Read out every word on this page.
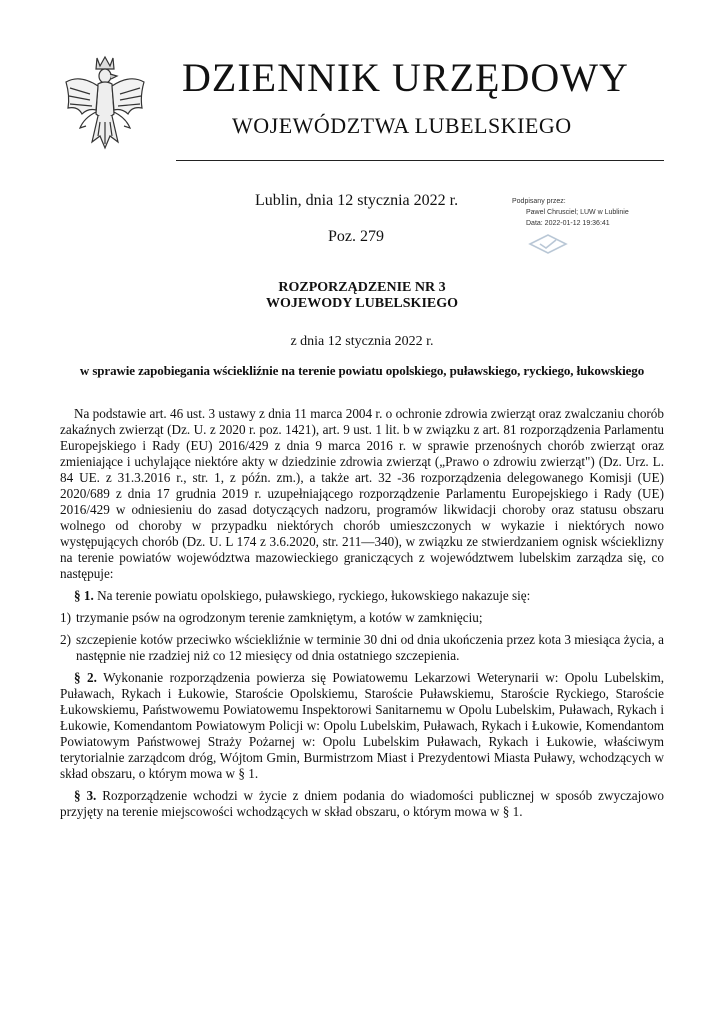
DZIENNIK URZĘDOWY
WOJEWÓDZTWA LUBELSKIEGO
Lublin, dnia 12 stycznia 2022 r.
Poz. 279
Podpisany przez:
Pawel Chrusciel; LUW w Lublinie
Data: 2022-01-12 19:36:41
ROZPORZĄDZENIE NR 3
WOJEWODY LUBELSKIEGO
z dnia 12 stycznia 2022 r.
w sprawie zapobiegania wściekliźnie na terenie powiatu opolskiego, puławskiego, ryckiego, łukowskiego

Na podstawie art. 46 ust. 3 ustawy z dnia 11 marca 2004 r. o ochronie zdrowia zwierząt oraz zwalczaniu chorób zakaźnych zwierząt (Dz. U. z 2020 r. poz. 1421), art. 9 ust. 1 lit. b w związku z art. 81 rozporządzenia Parlamentu Europejskiego i Rady (EU) 2016/429 z dnia 9 marca 2016 r. w sprawie przenośnych chorób zwierząt oraz zmieniające i uchylające niektóre akty w dziedzinie zdrowia zwierząt („Prawo o zdrowiu zwierząt") (Dz. Urz. L. 84 UE. z 31.3.2016 r., str. 1, z późn. zm.), a także art. 32 -36 rozporządzenia delegowanego Komisji (UE) 2020/689 z dnia 17 grudnia 2019 r. uzupełniającego rozporządzenie Parlamentu Europejskiego i Rady (UE) 2016/429 w odniesieniu do zasad dotyczących nadzoru, programów likwidacji choroby oraz statusu obszaru wolnego od choroby w przypadku niektórych chorób umieszczonych w wykazie i niektórych nowo występujących chorób (Dz. U. L 174 z 3.6.2020, str. 211—340), w związku ze stwierdzaniem ognisk wścieklizny na terenie powiatów województwa mazowieckiego graniczących z województwem lubelskim zarządza się, co następuje:

§ 1. Na terenie powiatu opolskiego, puławskiego, ryckiego, łukowskiego nakazuje się:

1) trzymanie psów na ogrodzonym terenie zamkniętym, a kotów w zamknięciu;
2) szczepienie kotów przeciwko wściekliźnie w terminie 30 dni od dnia ukończenia przez kota 3 miesiąca życia, a następnie nie rzadziej niż co 12 miesięcy od dnia ostatniego szczepienia.

§ 2. Wykonanie rozporządzenia powierza się Powiatowemu Lekarzowi Weterynarii w: Opolu Lubelskim, Puławach, Rykach i Łukowie, Staroście Opolskiemu, Staroście Puławskiemu, Staroście Ryckiego, Staroście Łukowskiemu, Państwowemu Powiatowemu Inspektorowi Sanitarnemu w Opolu Lubelskim, Puławach, Rykach i Łukowie, Komendantom Powiatowym Policji w: Opolu Lubelskim, Puławach, Rykach i Łukowie, Komendantom Powiatowym Państwowej Straży Pożarnej w: Opolu Lubelskim Puławach, Rykach i Łukowie, właściwym terytorialnie zarządcom dróg, Wójtom Gmin, Burmistrzom Miast i Prezydentowi Miasta Puławy, wchodzących w skład obszaru, o którym mowa w § 1.

§ 3. Rozporządzenie wchodzi w życie z dniem podania do wiadomości publicznej w sposób zwyczajowo przyjęty na terenie miejscowości wchodzących w skład obszaru, o którym mowa w § 1.
